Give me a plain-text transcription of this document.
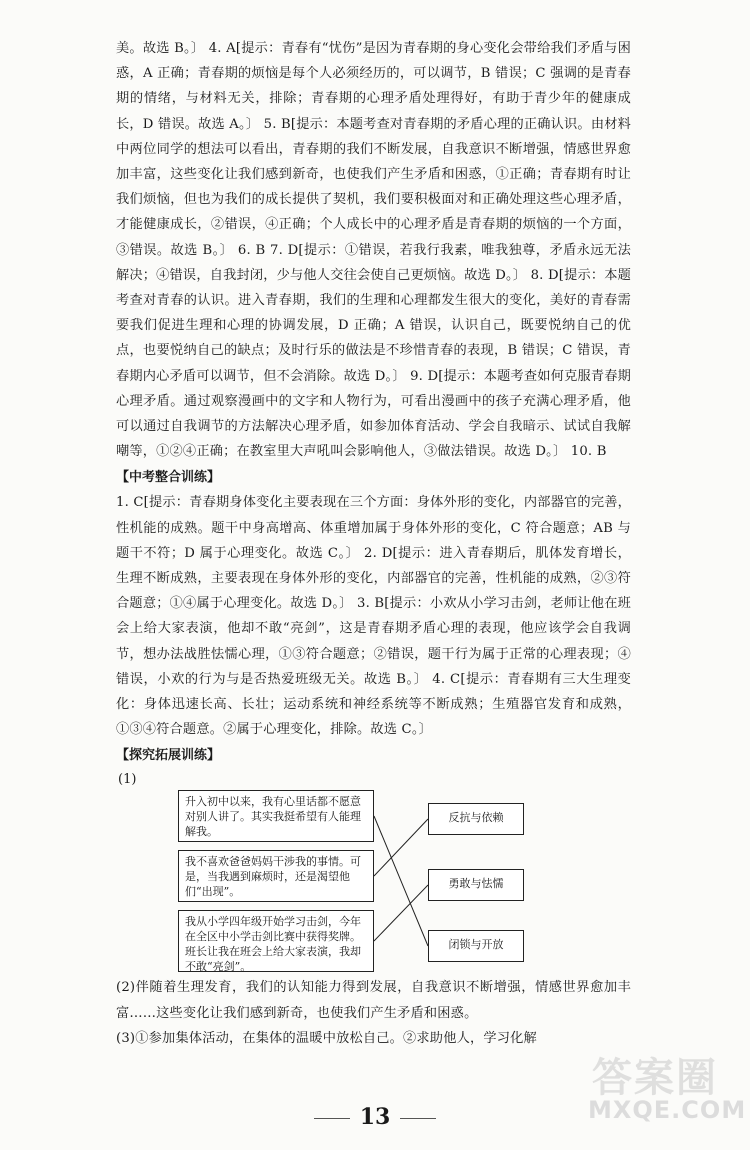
美。故选 B。〕 4. A[提示：青春有“忧伤”是因为青春期的身心变化会带给我们矛盾与困惑，A 正确；青春期的烦恼是每个人必须经历的，可以调节，B 错误；C 强调的是青春期的情绪，与材料无关，排除；青春期的心理矛盾处理得好，有助于青少年的健康成长，D 错误。故选 A。〕 5. B[提示：本题考查对青春期的矛盾心理的正确认识。由材料中两位同学的想法可以看出，青春期的我们不断发展，自我意识不断增强，情感世界愈加丰富，这些变化让我们感到新奇，也使我们产生矛盾和困惑，①正确；青春期有时让我们烦恼，但也为我们的成长提供了契机，我们要积极面对和正确处理这些心理矛盾，才能健康成长，②错误，④正确；个人成长中的心理矛盾是青春期的烦恼的一个方面，③错误。故选 B。〕 6. B 7. D[提示：①错误，若我行我素，唯我独尊，矛盾永远无法解决；④错误，自我封闭，少与他人交往会使自己更烦恼。故选 D。〕 8. D[提示：本题考查对青春的认识。进入青春期，我们的生理和心理都发生很大的变化，美好的青春需要我们促进生理和心理的协调发展，D 正确；A 错误，认识自己，既要悦纳自己的优点，也要悦纳自己的缺点；及时行乐的做法是不珍惜青春的表现，B 错误；C 错误，青春期内心矛盾可以调节，但不会消除。故选 D。〕 9. D[提示：本题考查如何克服青春期心理矛盾。通过观察漫画中的文字和人物行为，可看出漫画中的孩子充满心理矛盾，他可以通过自我调节的方法解决心理矛盾，如参加体育活动、学会自我暗示、试试自我解嘲等，①②④正确；在教室里大声吼叫会影响他人，③做法错误。故选 D。〕 10. B

【中考整合训练】

1. C[提示：青春期身体变化主要表现在三个方面：身体外形的变化，内部器官的完善，性机能的成熟。题干中身高增高、体重增加属于身体外形的变化，C 符合题意；AB 与题干不符；D 属于心理变化。故选 C。〕 2. D[提示：进入青春期后，肌体发育增长，生理不断成熟，主要表现在身体外形的变化，内部器官的完善，性机能的成熟，②③符合题意；①④属于心理变化。故选 D。〕 3. B[提示：小欢从小学习击剑，老师让他在班会上给大家表演，他却不敢“亮剑”，这是青春期矛盾心理的表现，他应该学会自我调节，想办法战胜怯懦心理，①③符合题意；②错误，题干行为属于正常的心理表现；④错误，小欢的行为与是否热爱班级无关。故选 B。〕 4. C[提示：青春期有三大生理变化：身体迅速长高、长壮；运动系统和神经系统等不断成熟；生殖器官发育和成熟，①③④符合题意。②属于心理变化，排除。故选 C。〕

【探究拓展训练】
(1)
升入初中以来，我有心里话都不愿意对别人讲了。其实我挺希望有人能理解我。
我不喜欢爸爸妈妈干涉我的事情。可是，当我遇到麻烦时，还是渴望他们“出现”。
我从小学四年级开始学习击剑，今年在全区中小学击剑比赛中获得奖牌。班长让我在班会上给大家表演，我却不敢“亮剑”。
反抗与依赖
勇敢与怯懦
闭锁与开放

(2)伴随着生理发育，我们的认知能力得到发展，自我意识不断增强，情感世界愈加丰富……这些变化让我们感到新奇，也使我们产生矛盾和困惑。

(3)①参加集体活动，在集体的温暖中放松自己。②求助他人，学习化解

13
答案圈
MXQE.COM
